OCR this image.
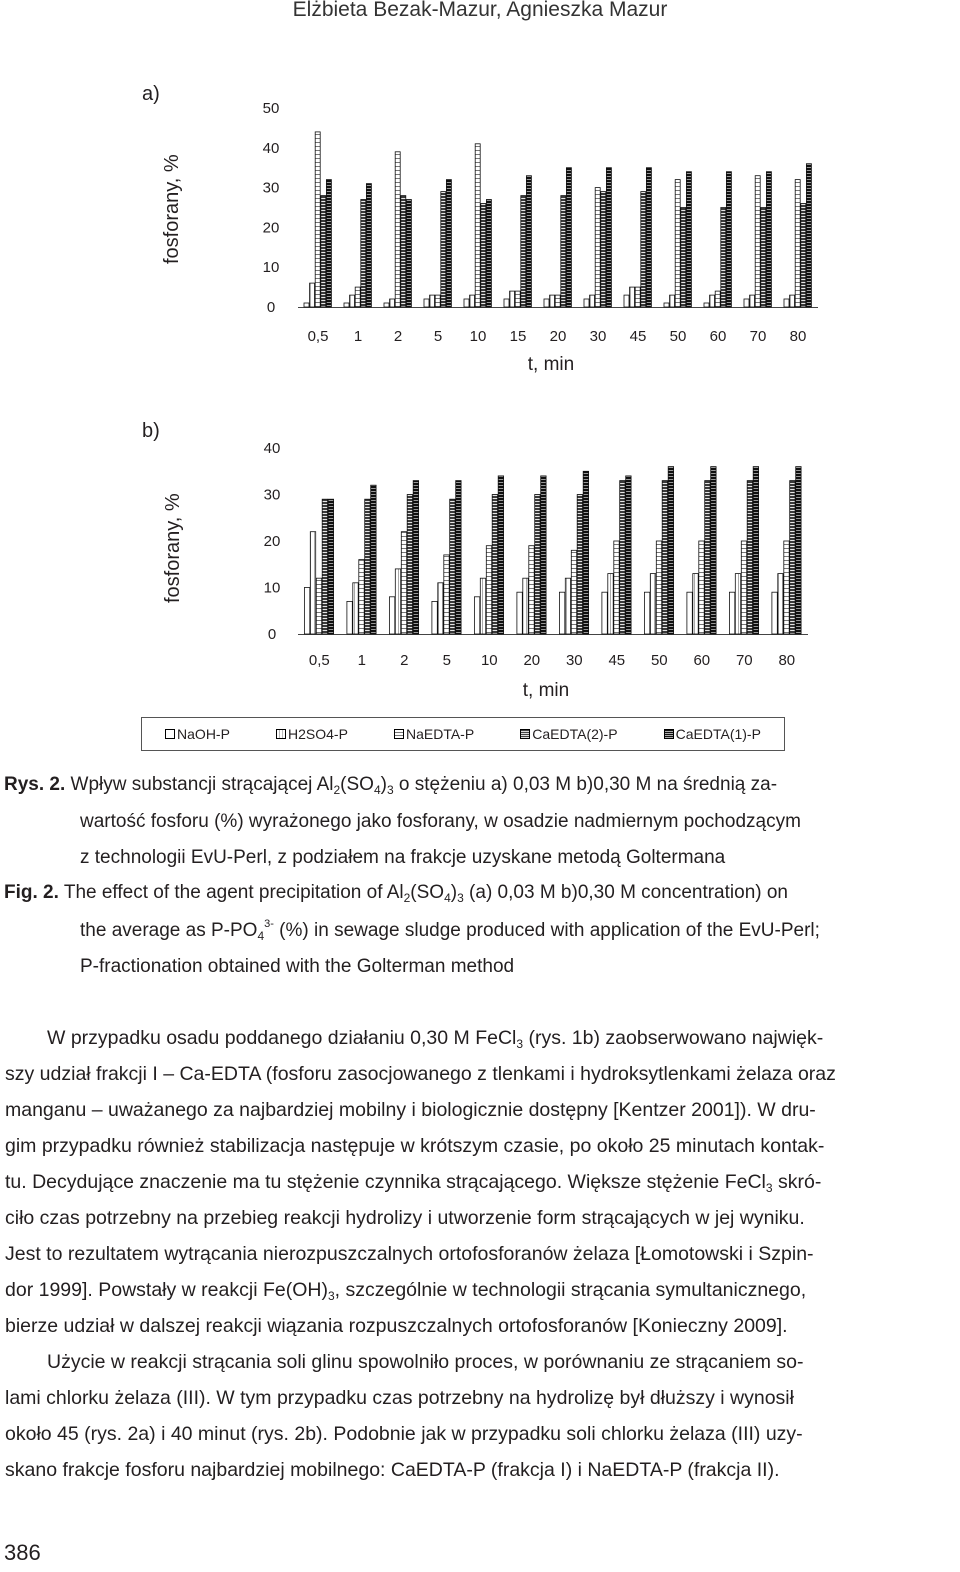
Elżbieta Bezak-Mazur, Agnieszka Mazur
a)
fosforany, %
0
10
20
30
40
50
0,5 1 2 5 10 15 20 30 45 50 60 70 80
t, min
b)
fosforany, %
0
10
20
30
40
0,5 1 2 5 10 20 30 45 50 60 70 80
t, min
NaOH-P	H2SO4-P	NaEDTA-P	CaEDTA(2)-P	CaEDTA(1)-P
Rys. 2. Wpływ substancji strącającej $Al_2(SO_4)_3$ o stężeniu a) 0,03 M b)0,30 M na średnią za-
wartość fosforu (%) wyrażonego jako fosforany, w osadzie nadmiernym pochodzącym
z technologii EvU-Perl, z podziałem na frakcje uzyskane metodą Goltermana
Fig. 2. The effect of the agent precipitation of $Al_2(SO_4)_3$ (a) 0,03 M b)0,30 M concentration) on
the average as $P-PO_4^{3-}$ (%) in sewage sludge produced with application of the EvU-Perl;
P-fractionation obtained with the Golterman method
W przypadku osadu poddanego działaniu 0,30 M FeCl$_3$ (rys. 1b) zaobserwowano najwięk-
szy udział frakcji I – Ca-EDTA (fosforu zasocjowanego z tlenkami i hydroksytlenkami żelaza oraz
manganu – uważanego za najbardziej mobilny i biologicznie dostępny [Kentzer 2001]). W dru-
gim przypadku również stabilizacja następuje w krótszym czasie, po około 25 minutach kontak-
tu. Decydujące znaczenie ma tu stężenie czynnika strącającego. Większe stężenie FeCl$_3$ skró-
ciło czas potrzebny na przebieg reakcji hydrolizy i utworzenie form strącających w jej wyniku.
Jest to rezultatem wytrącania nierozpuszczalnych ortofosforanów żelaza [Łomotowski i Szpin-
dor 1999]. Powstały w reakcji $Fe(OH)_3$, szczególnie w technologii strącania symultanicznego,
bierze udział w dalszej reakcji wiązania rozpuszczalnych ortofosforanów [Konieczny 2009].
Użycie w reakcji strącania soli glinu spowolniło proces, w porównaniu ze strącaniem so-
lami chlorku żelaza (III). W tym przypadku czas potrzebny na hydrolizę był dłuższy i wynosił
około 45 (rys. 2a) i 40 minut (rys. 2b). Podobnie jak w przypadku soli chlorku żelaza (III) uzy-
skano frakcje fosforu najbardziej mobilnego: CaEDTA-P (frakcja I) i NaEDTA-P (frakcja II).
386
